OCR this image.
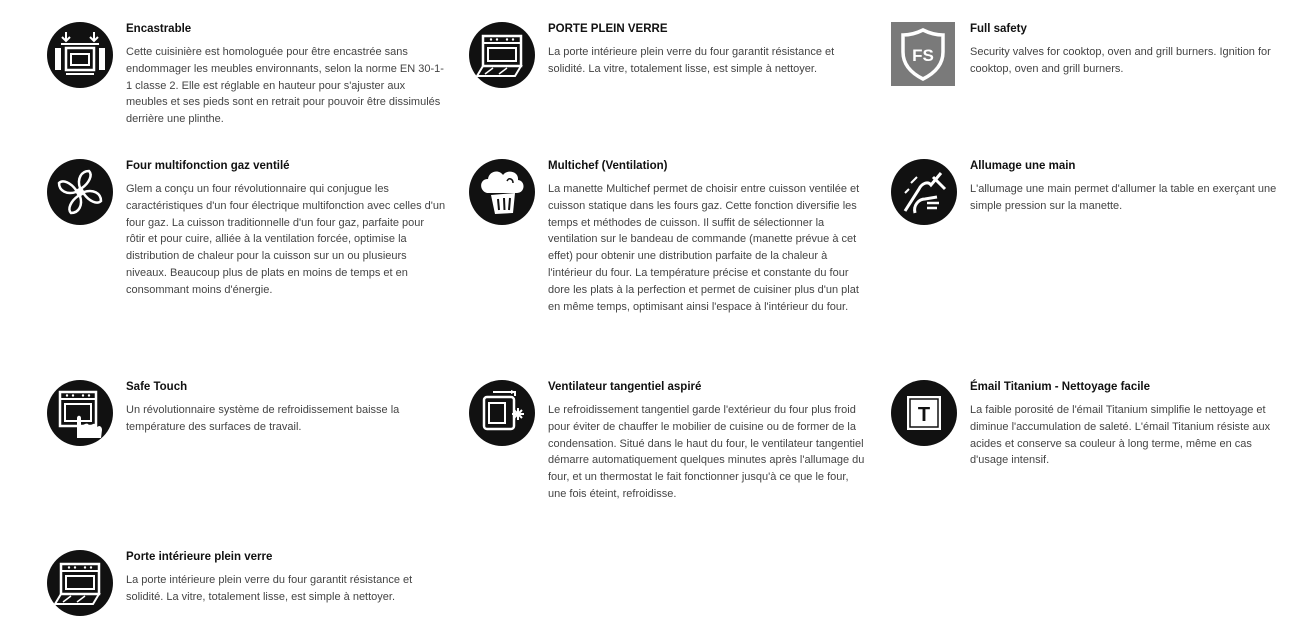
Encastrable

Cette cuisinière est homologuée pour être encastrée sans endommager les meubles environnants, selon la norme EN 30-1-1 classe 2. Elle est réglable en hauteur pour s'ajuster aux meubles et ses pieds sont en retrait pour pouvoir être dissimulés derrière une plinthe.

PORTE PLEIN VERRE

La porte intérieure plein verre du four garantit résistance et solidité. La vitre, totalement lisse, est simple à nettoyer.

FS

Full safety

Security valves for cooktop, oven and grill burners. Ignition for cooktop, oven and grill burners.

Four multifonction gaz ventilé

Glem a conçu un four révolutionnaire qui conjugue les caractéristiques d'un four électrique multifonction avec celles d'un four gaz. La cuisson traditionnelle d'un four gaz, parfaite pour rôtir et pour cuire, alliée à la ventilation forcée, optimise la distribution de chaleur pour la cuisson sur un ou plusieurs niveaux. Beaucoup plus de plats en moins de temps et en consommant moins d'énergie.

Multichef (Ventilation)

La manette Multichef permet de choisir entre cuisson ventilée et cuisson statique dans les fours gaz. Cette fonction diversifie les temps et méthodes de cuisson. Il suffit de sélectionner la ventilation sur le bandeau de commande (manette prévue à cet effet) pour obtenir une distribution parfaite de la chaleur à l'intérieur du four. La température précise et constante du four dore les plats à la perfection et permet de cuisiner plus d'un plat en même temps, optimisant ainsi l'espace à l'intérieur du four.

Allumage une main

L'allumage une main permet d'allumer la table en exerçant une simple pression sur la manette.

Safe Touch

Un révolutionnaire système de refroidissement baisse la température des surfaces de travail.

Ventilateur tangentiel aspiré

Le refroidissement tangentiel garde l'extérieur du four plus froid pour éviter de chauffer le mobilier de cuisine ou de former de la condensation. Situé dans le haut du four, le ventilateur tangentiel démarre automatiquement quelques minutes après l'allumage du four, et un thermostat le fait fonctionner jusqu'à ce que le four, une fois éteint, refroidisse.

T

Émail Titanium - Nettoyage facile

La faible porosité de l'émail Titanium simplifie le nettoyage et diminue l'accumulation de saleté. L'émail Titanium résiste aux acides et conserve sa couleur à long terme, même en cas d'usage intensif.

Porte intérieure plein verre

La porte intérieure plein verre du four garantit résistance et solidité. La vitre, totalement lisse, est simple à nettoyer.
